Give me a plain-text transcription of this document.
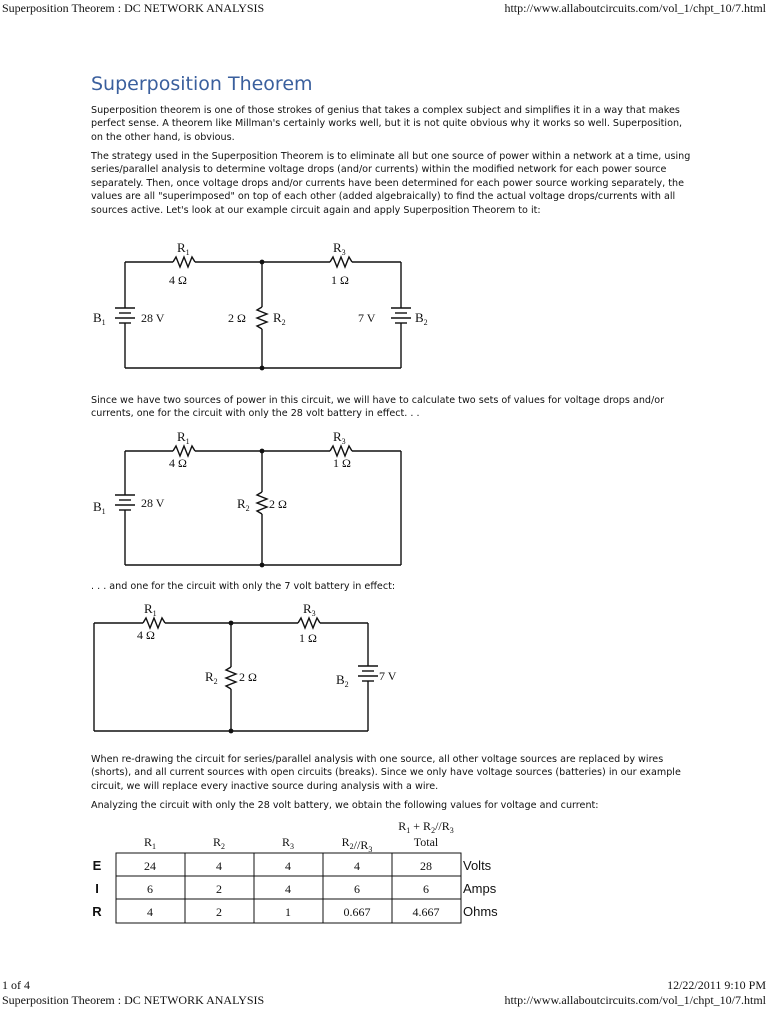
Superposition Theorem : DC NETWORK ANALYSIS	http://www.allaboutcircuits.com/vol_1/chpt_10/7.html
Superposition Theorem

Superposition theorem is one of those strokes of genius that takes a complex subject and simplifies it in a way that makes perfect sense. A theorem like Millman's certainly works well, but it is not quite obvious why it works so well. Superposition, on the other hand, is obvious.

The strategy used in the Superposition Theorem is to eliminate all but one source of power within a network at a time, using series/parallel analysis to determine voltage drops (and/or currents) within the modified network for each power source separately. Then, once voltage drops and/or currents have been determined for each power source working separately, the values are all "superimposed" on top of each other (added algebraically) to find the actual voltage drops/currents with all sources active. Let's look at our example circuit again and apply Superposition Theorem to it:

$R_1$
4 Ω
$R_3$
1 Ω
$B_1$	28 V	2 Ω $R_2$	7 V	$B_2$

Since we have two sources of power in this circuit, we will have to calculate two sets of values for voltage drops and/or currents, one for the circuit with only the 28 volt battery in effect. . .

$R_1$
4 Ω
$R_3$
1 Ω
$B_1$
28 V	$R_2$ 2 Ω

. . . and one for the circuit with only the 7 volt battery in effect:

$R_1$
4 Ω
$R_3$
1 Ω
$R_2$ 2 Ω	$B_2$
7 V

When re-drawing the circuit for series/parallel analysis with one source, all other voltage sources are replaced by wires (shorts), and all current sources with open circuits (breaks). Since we only have voltage sources (batteries) in our example circuit, we will replace every inactive source during analysis with a wire.

Analyzing the circuit with only the 28 volt battery, we obtain the following values for voltage and current:

$R_1 + R_2//R_3$
$R_1$	$R_2$	$R_3$	$R_2//R_3$
Total
E	24	4	4	4	28 Volts
I	6	2	4	6	6	Amps
R	4	2	1	0.667	4.667 Ohms
1 of 4	12/22/2011 9:10 PM
Superposition Theorem : DC NETWORK ANALYSIS	http://www.allaboutcircuits.com/vol_1/chpt_10/7.html
